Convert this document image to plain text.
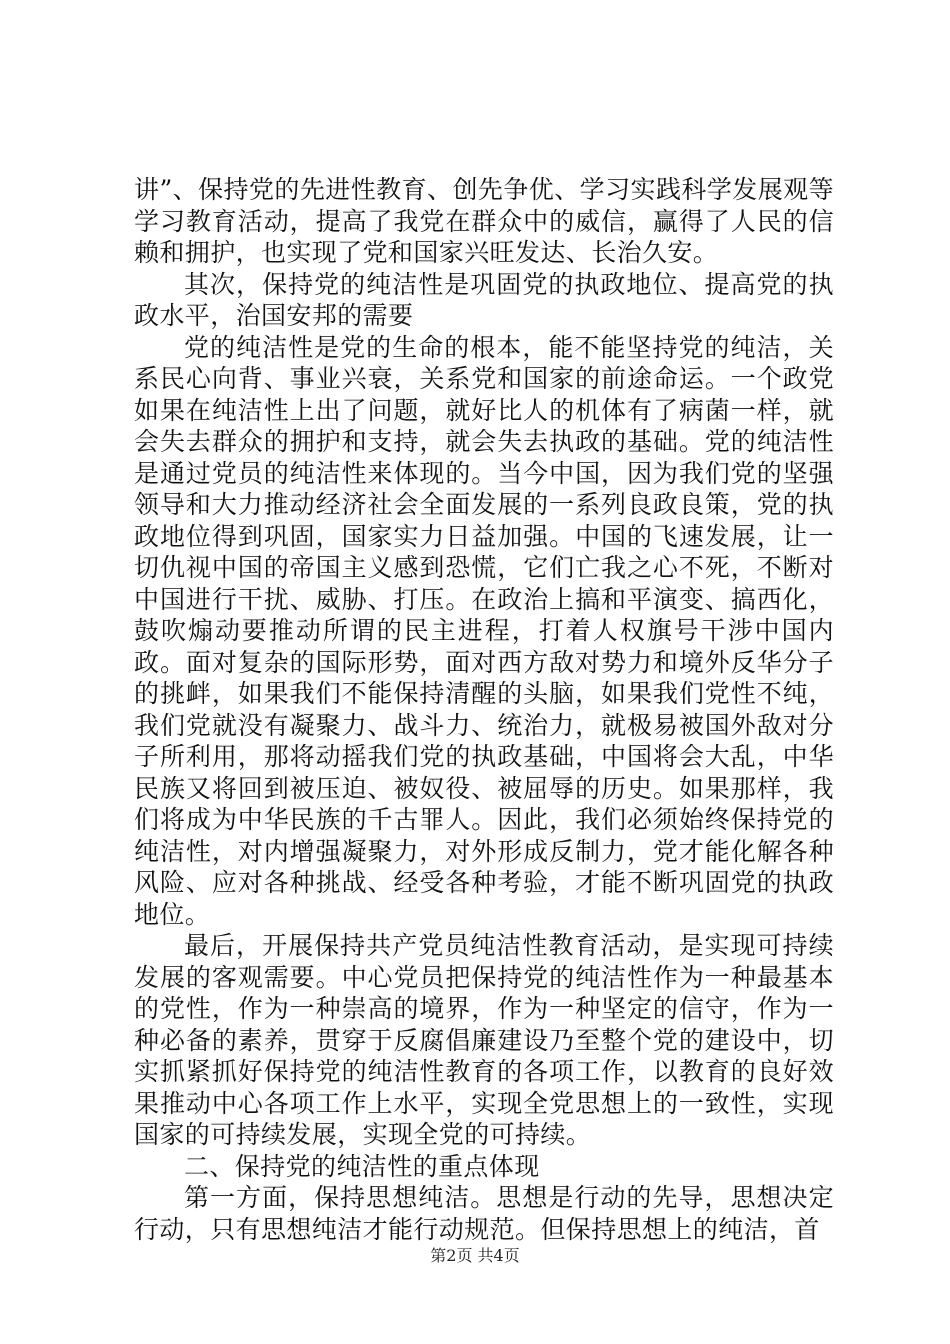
讲”、保持党的先进性教育、创先争优、学习实践科学发展观等学习教育活动，提高了我党在群众中的威信，赢得了人民的信赖和拥护，也实现了党和国家兴旺发达、长治久安。

其次，保持党的纯洁性是巩固党的执政地位、提高党的执政水平，治国安邦的需要

党的纯洁性是党的生命的根本，能不能坚持党的纯洁，关系民心向背、事业兴衰，关系党和国家的前途命运。一个政党如果在纯洁性上出了问题，就好比人的机体有了病菌一样，就会失去群众的拥护和支持，就会失去执政的基础。党的纯洁性是通过党员的纯洁性来体现的。当今中国，因为我们党的坚强领导和大力推动经济社会全面发展的一系列良政良策，党的执政地位得到巩固，国家实力日益加强。中国的飞速发展，让一切仇视中国的帝国主义感到恐慌，它们亡我之心不死，不断对中国进行干扰、威胁、打压。在政治上搞和平演变、搞西化，鼓吹煽动要推动所谓的民主进程，打着人权旗号干涉中国内政。面对复杂的国际形势，面对西方敌对势力和境外反华分子的挑衅，如果我们不能保持清醒的头脑，如果我们党性不纯，我们党就没有凝聚力、战斗力、统治力，就极易被国外敌对分子所利用，那将动摇我们党的执政基础，中国将会大乱，中华民族又将回到被压迫、被奴役、被屈辱的历史。如果那样，我们将成为中华民族的千古罪人。因此，我们必须始终保持党的纯洁性，对内增强凝聚力，对外形成反制力，党才能化解各种风险、应对各种挑战、经受各种考验，才能不断巩固党的执政地位。

最后，开展保持共产党员纯洁性教育活动，是实现可持续发展的客观需要。中心党员把保持党的纯洁性作为一种最基本的党性，作为一种崇高的境界，作为一种坚定的信守，作为一种必备的素养，贯穿于反腐倡廉建设乃至整个党的建设中，切实抓紧抓好保持党的纯洁性教育的各项工作，以教育的良好效果推动中心各项工作上水平，实现全党思想上的一致性，实现国家的可持续发展，实现全党的可持续。

二、保持党的纯洁性的重点体现

第一方面，保持思想纯洁。思想是行动的先导，思想决定行动，只有思想纯洁才能行动规范。但保持思想上的纯洁，首

第2页 共4页
